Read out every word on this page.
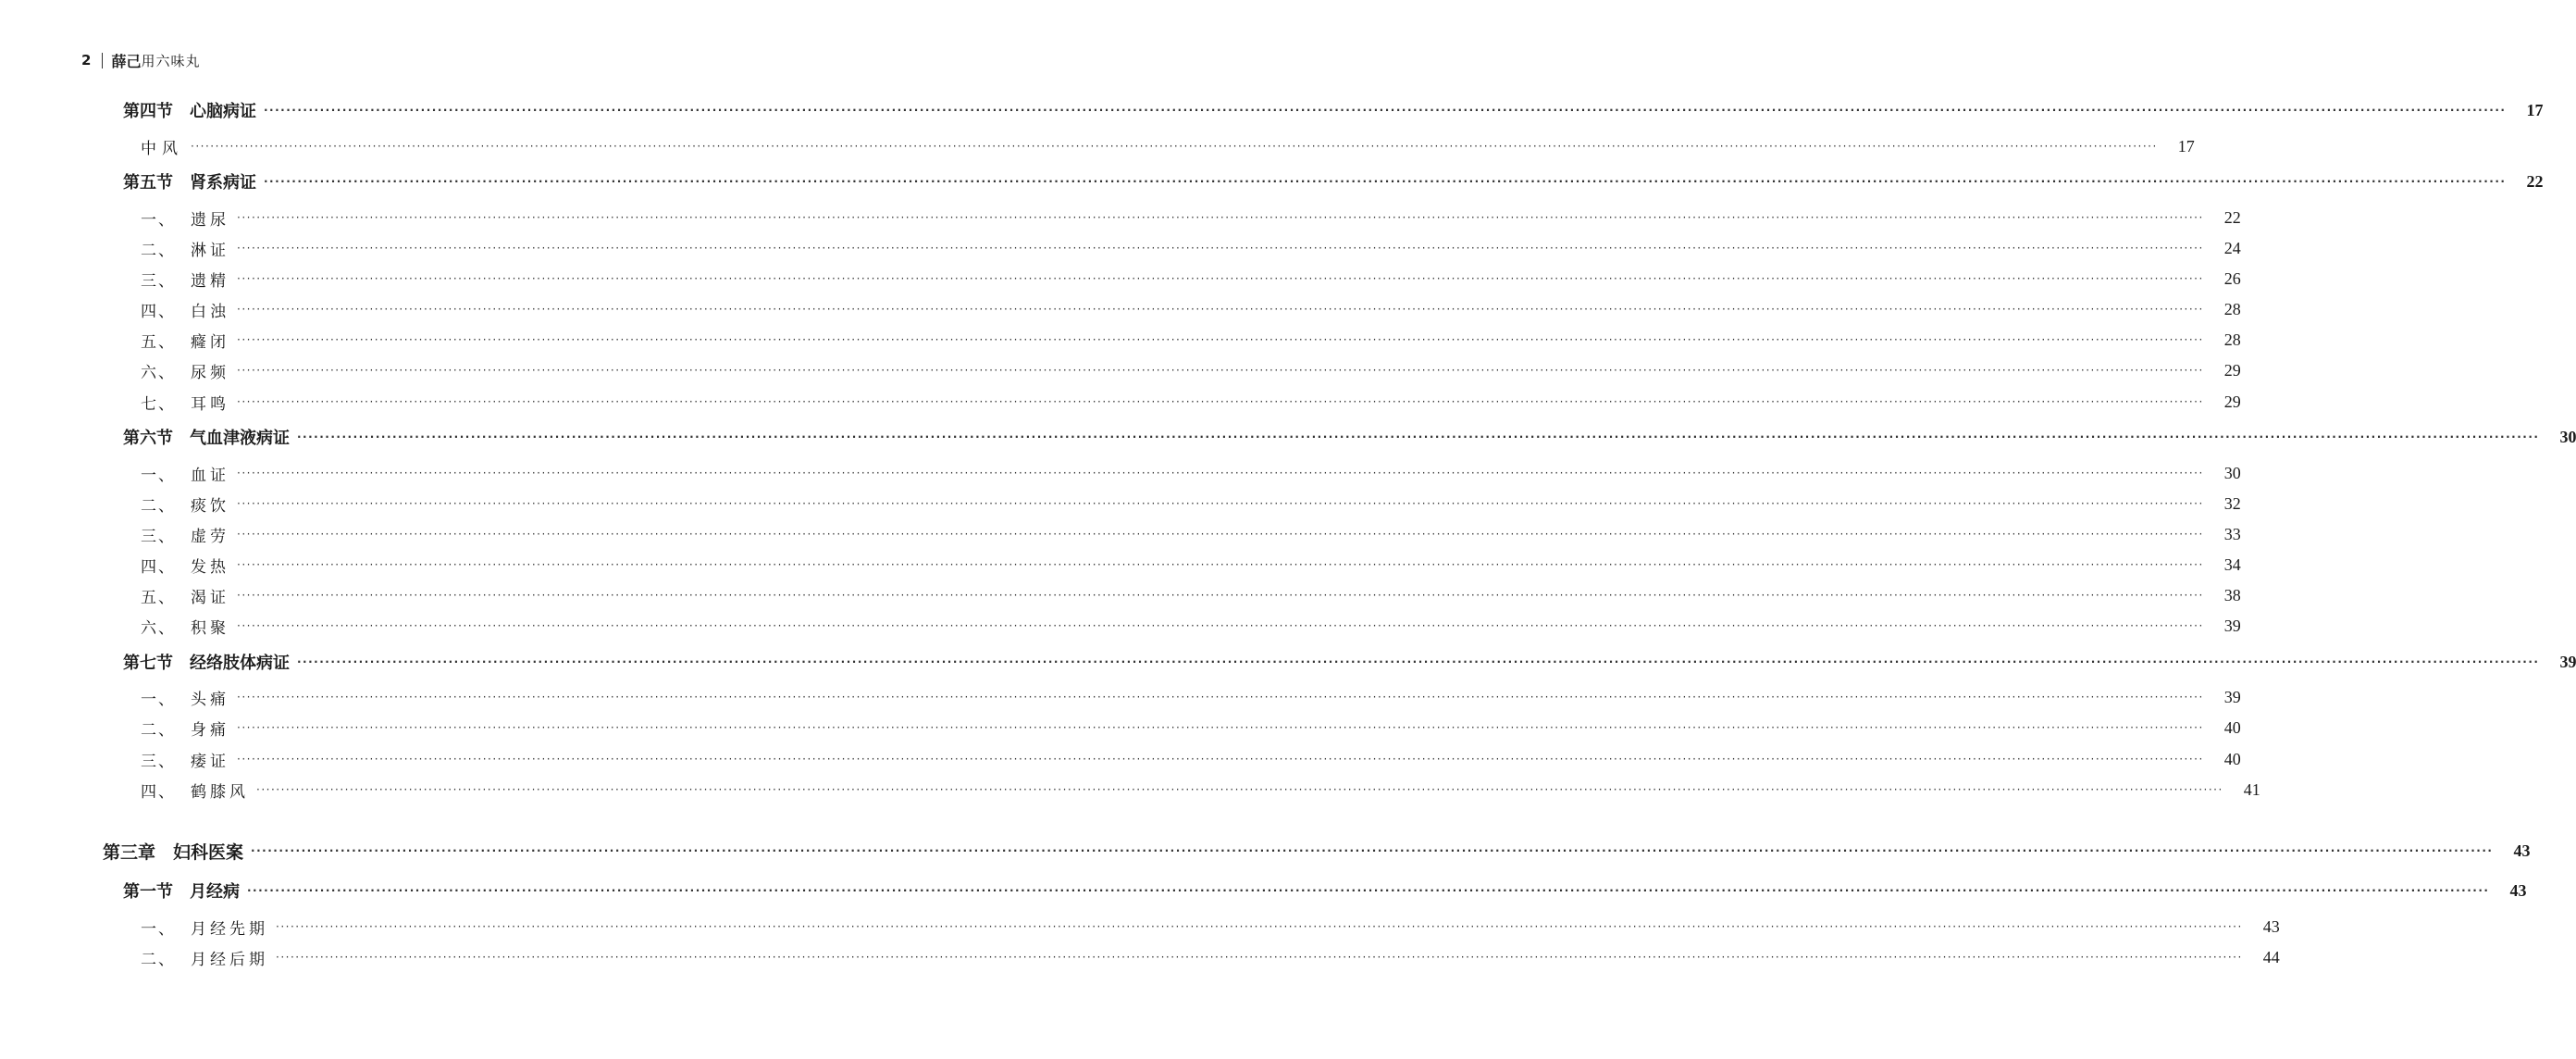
2 薛己 用六味丸
第四节　 心脑病证 ················································································································································································································································································································································································································	17
中风 ················································································································································································································································································································································································································	17
第五节　 肾系病证 ················································································································································································································································································································································································································	22
一、 遗尿 ················································································································································································································································································································································································································	22
二、 淋证 ················································································································································································································································································································································································································	24
三、 遗精 ················································································································································································································································································································································································································	26
四、 白浊 ················································································································································································································································································································································································································	28
五、 癃闭 ················································································································································································································································································································································································································	28
六、 尿频 ················································································································································································································································································································································································································	29
七、 耳鸣 ················································································································································································································································································································································································································	29
第六节　 气血津液病证 ················································································································································································································································································································································································································	30
一、 血证 ················································································································································································································································································································································································································	30
二、 痰饮 ················································································································································································································································································································································································································	32
三、 虚劳 ················································································································································································································································································································································································································	33
四、 发热 ················································································································································································································································································································································································································	34
五、 渴证 ················································································································································································································································································································································································································	38
六、 积聚 ················································································································································································································································································································································································································	39
第七节　 经络肢体病证 ················································································································································································································································································································································································································	39
一、 头痛 ················································································································································································································································································································································································································	39
二、 身痛 ················································································································································································································································································································································································································	40
三、 痿证 ················································································································································································································································································································································································································	40
四、 鹤膝风 ················································································································································································································································································································································································································	41
第三章　 妇科医案 ················································································································································································································································································································································································································	43
第一节　 月经病 ················································································································································································································································································································································································································	43
一、 月经先期 ················································································································································································································································································································································································································	43
二、 月经后期 ················································································································································································································································································································································································································	44
